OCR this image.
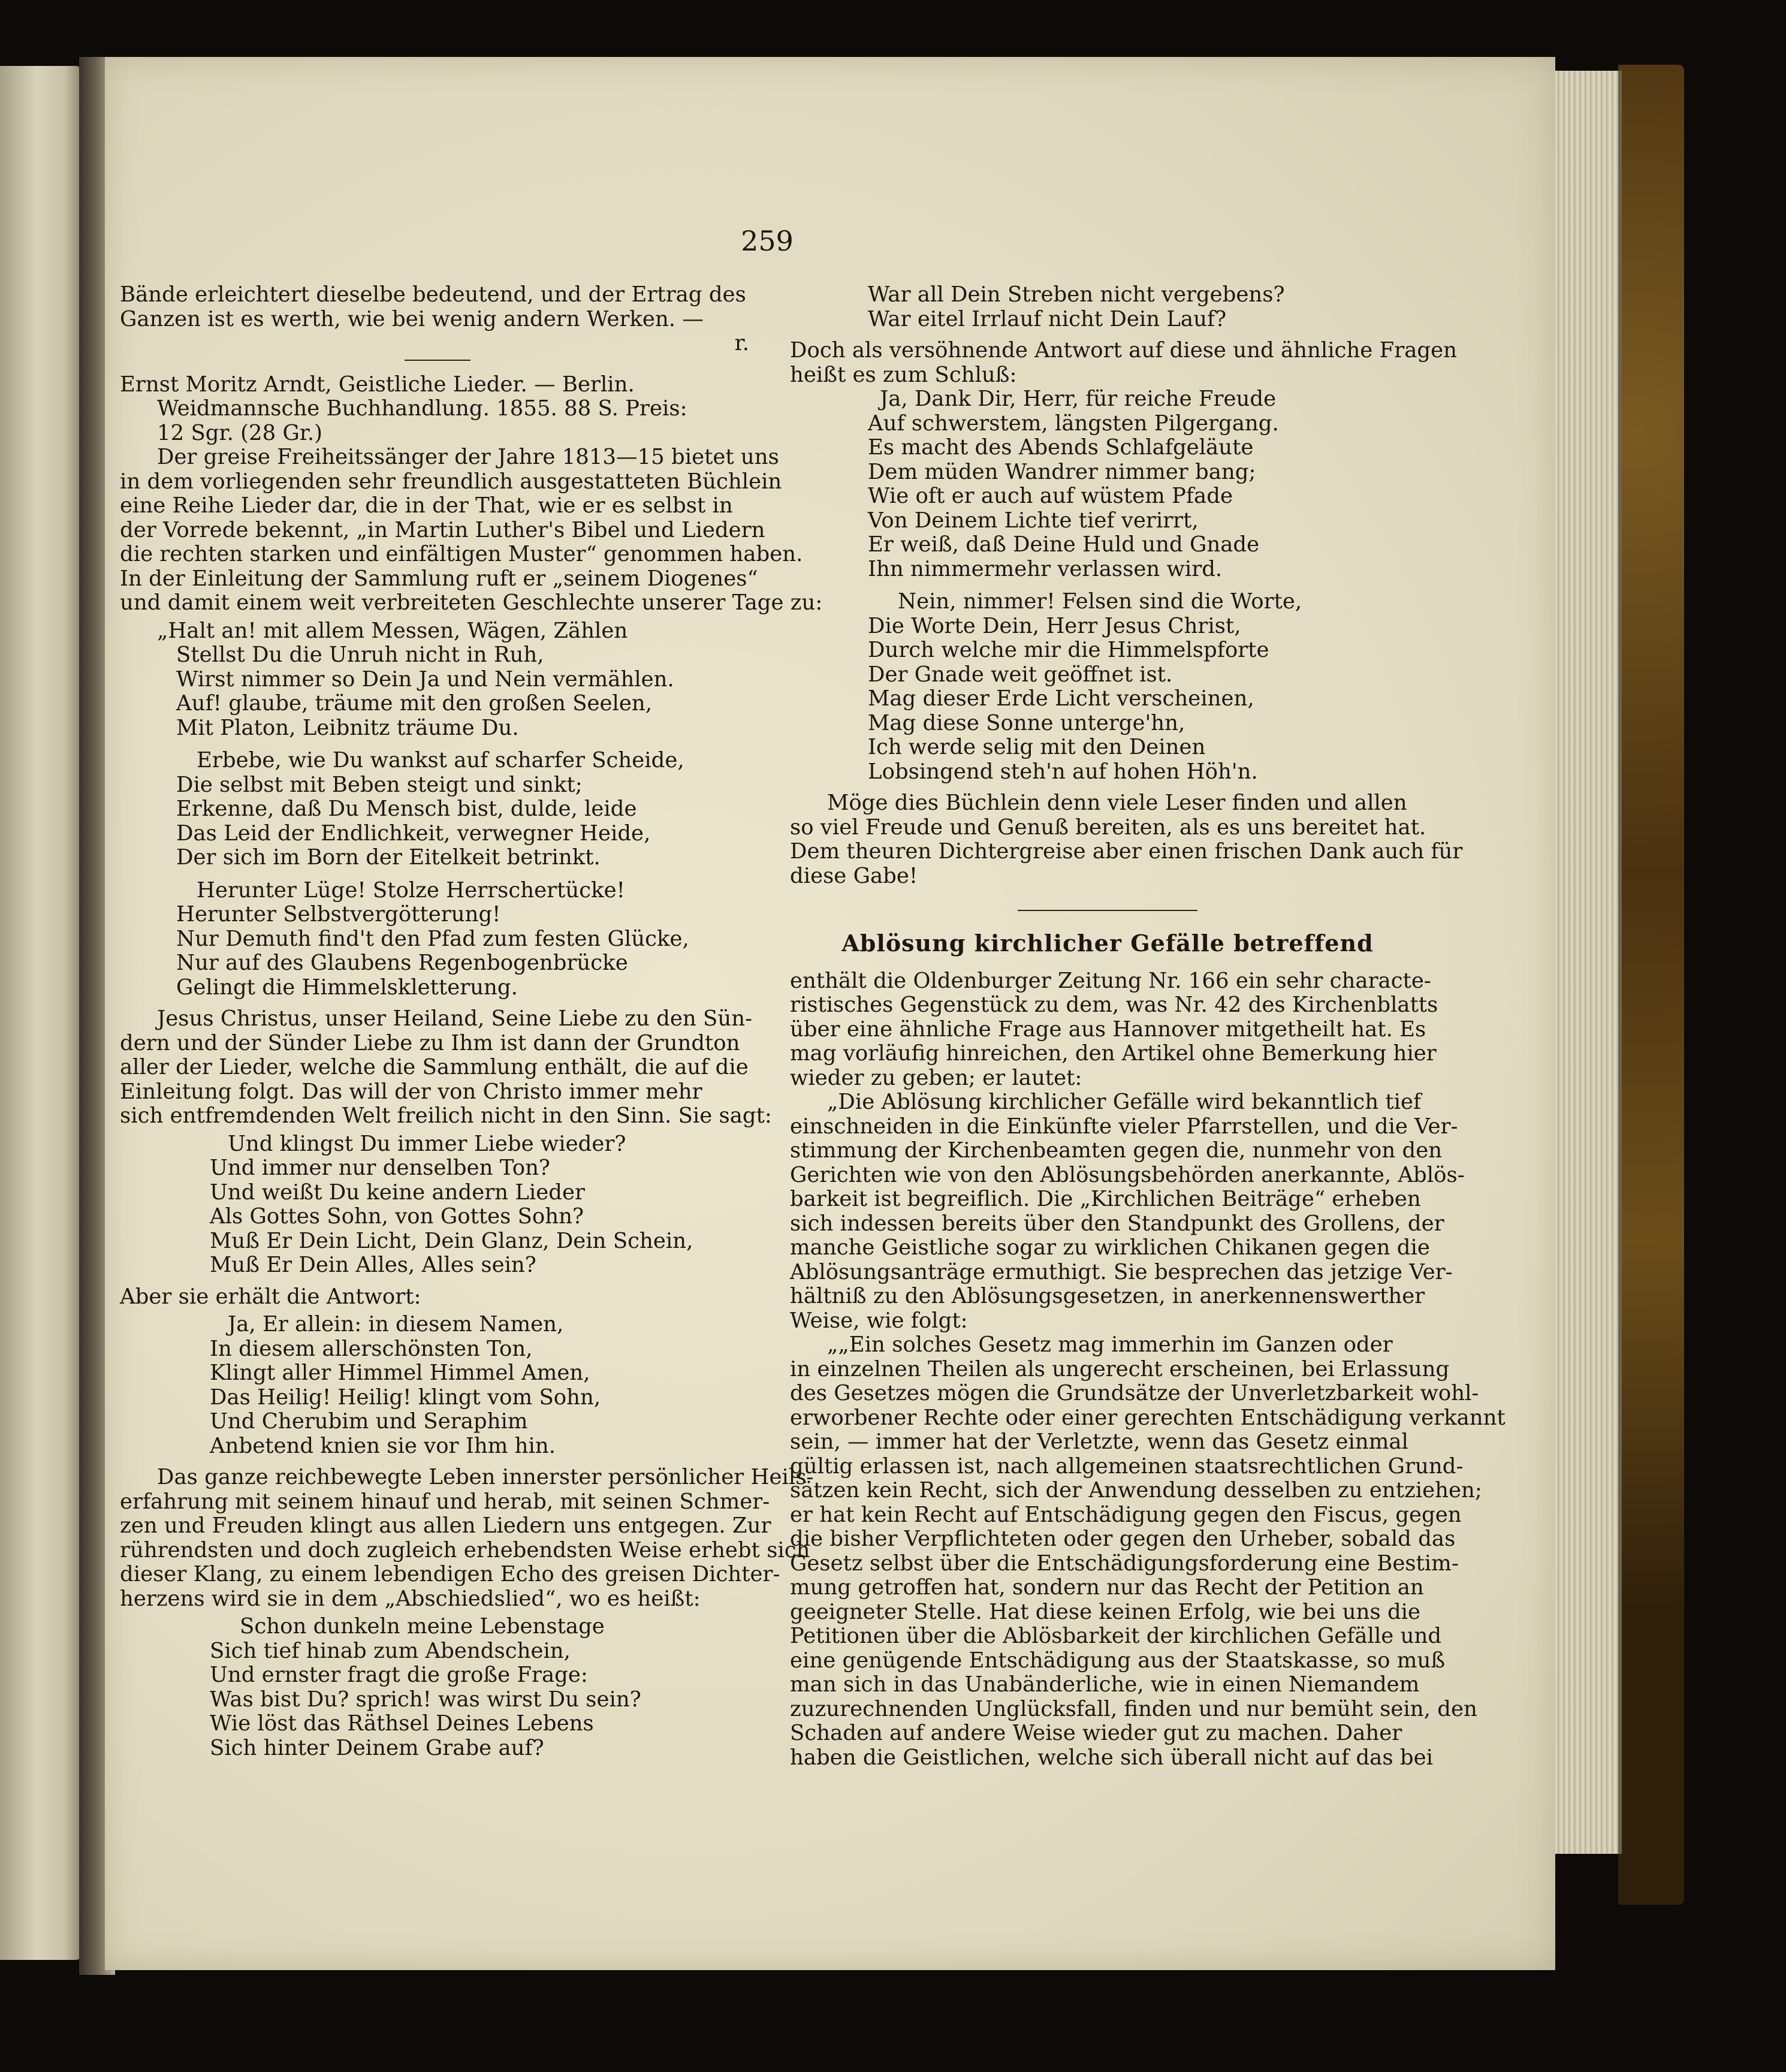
259

Bände erleichtert dieselbe bedeutend, und der Ertrag des
Ganzen ist es werth, wie bei wenig andern Werken. —

r.

Ernst Moritz Arndt, Geistliche Lieder. — Berlin.
Weidmannsche Buchhandlung. 1855. 88 S. Preis:
12 Sgr. (28 Gr.)

Der greise Freiheitssänger der Jahre 1813—15 bietet uns
in dem vorliegenden sehr freundlich ausgestatteten Büchlein
eine Reihe Lieder dar, die in der That, wie er es selbst in
der Vorrede bekennt, „in Martin Luther's Bibel und Liedern
die rechten starken und einfältigen Muster“ genommen haben.
In der Einleitung der Sammlung ruft er „seinem Diogenes“
und damit einem weit verbreiteten Geschlechte unserer Tage zu:

„Halt an! mit allem Messen, Wägen, Zählen
Stellst Du die Unruh nicht in Ruh,
Wirst nimmer so Dein Ja und Nein vermählen.
Auf! glaube, träume mit den großen Seelen,
Mit Platon, Leibnitz träume Du.
Erbebe, wie Du wankst auf scharfer Scheide,
Die selbst mit Beben steigt und sinkt;
Erkenne, daß Du Mensch bist, dulde, leide
Das Leid der Endlichkeit, verwegner Heide,
Der sich im Born der Eitelkeit betrinkt.
Herunter Lüge! Stolze Herrschertücke!
Herunter Selbstvergötterung!
Nur Demuth find't den Pfad zum festen Glücke,
Nur auf des Glaubens Regenbogenbrücke
Gelingt die Himmelskletterung.

Jesus Christus, unser Heiland, Seine Liebe zu den Sün-
dern und der Sünder Liebe zu Ihm ist dann der Grundton
aller der Lieder, welche die Sammlung enthält, die auf die
Einleitung folgt. Das will der von Christo immer mehr
sich entfremdenden Welt freilich nicht in den Sinn. Sie sagt:

Und klingst Du immer Liebe wieder?
Und immer nur denselben Ton?
Und weißt Du keine andern Lieder
Als Gottes Sohn, von Gottes Sohn?
Muß Er Dein Licht, Dein Glanz, Dein Schein,
Muß Er Dein Alles, Alles sein?

Aber sie erhält die Antwort:

Ja, Er allein: in diesem Namen,
In diesem allerschönsten Ton,
Klingt aller Himmel Himmel Amen,
Das Heilig! Heilig! klingt vom Sohn,
Und Cherubim und Seraphim
Anbetend knien sie vor Ihm hin.

Das ganze reichbewegte Leben innerster persönlicher Heils-
erfahrung mit seinem hinauf und herab, mit seinen Schmer-
zen und Freuden klingt aus allen Liedern uns entgegen. Zur
rührendsten und doch zugleich erhebendsten Weise erhebt sich
dieser Klang, zu einem lebendigen Echo des greisen Dichter-
herzens wird sie in dem „Abschiedslied“, wo es heißt:

Schon dunkeln meine Lebenstage
Sich tief hinab zum Abendschein,
Und ernster fragt die große Frage:
Was bist Du? sprich! was wirst Du sein?
Wie löst das Räthsel Deines Lebens
Sich hinter Deinem Grabe auf?
War all Dein Streben nicht vergebens?
War eitel Irrlauf nicht Dein Lauf?

Doch als versöhnende Antwort auf diese und ähnliche Fragen
heißt es zum Schluß:

Ja, Dank Dir, Herr, für reiche Freude
Auf schwerstem, längsten Pilgergang.
Es macht des Abends Schlafgeläute
Dem müden Wandrer nimmer bang;
Wie oft er auch auf wüstem Pfade
Von Deinem Lichte tief verirrt,
Er weiß, daß Deine Huld und Gnade
Ihn nimmermehr verlassen wird.
Nein, nimmer! Felsen sind die Worte,
Die Worte Dein, Herr Jesus Christ,
Durch welche mir die Himmelspforte
Der Gnade weit geöffnet ist.
Mag dieser Erde Licht verscheinen,
Mag diese Sonne unterge'hn,
Ich werde selig mit den Deinen
Lobsingend steh'n auf hohen Höh'n.

Möge dies Büchlein denn viele Leser finden und allen
so viel Freude und Genuß bereiten, als es uns bereitet hat.
Dem theuren Dichtergreise aber einen frischen Dank auch für
diese Gabe!

Ablösung kirchlicher Gefälle betreffend

enthält die Oldenburger Zeitung Nr. 166 ein sehr characte-
ristisches Gegenstück zu dem, was Nr. 42 des Kirchenblatts
über eine ähnliche Frage aus Hannover mitgetheilt hat. Es
mag vorläufig hinreichen, den Artikel ohne Bemerkung hier
wieder zu geben; er lautet:

„Die Ablösung kirchlicher Gefälle wird bekanntlich tief
einschneiden in die Einkünfte vieler Pfarrstellen, und die Ver-
stimmung der Kirchenbeamten gegen die, nunmehr von den
Gerichten wie von den Ablösungsbehörden anerkannte, Ablös-
barkeit ist begreiflich. Die „Kirchlichen Beiträge“ erheben
sich indessen bereits über den Standpunkt des Grollens, der
manche Geistliche sogar zu wirklichen Chikanen gegen die
Ablösungsanträge ermuthigt. Sie besprechen das jetzige Ver-
hältniß zu den Ablösungsgesetzen, in anerkennenswerther
Weise, wie folgt:

„„Ein solches Gesetz mag immerhin im Ganzen oder
in einzelnen Theilen als ungerecht erscheinen, bei Erlassung
des Gesetzes mögen die Grundsätze der Unverletzbarkeit wohl-
erworbener Rechte oder einer gerechten Entschädigung verkannt
sein, — immer hat der Verletzte, wenn das Gesetz einmal
gültig erlassen ist, nach allgemeinen staatsrechtlichen Grund-
sätzen kein Recht, sich der Anwendung desselben zu entziehen;
er hat kein Recht auf Entschädigung gegen den Fiscus, gegen
die bisher Verpflichteten oder gegen den Urheber, sobald das
Gesetz selbst über die Entschädigungsforderung eine Bestim-
mung getroffen hat, sondern nur das Recht der Petition an
geeigneter Stelle. Hat diese keinen Erfolg, wie bei uns die
Petitionen über die Ablösbarkeit der kirchlichen Gefälle und
eine genügende Entschädigung aus der Staatskasse, so muß
man sich in das Unabänderliche, wie in einen Niemandem
zuzurechnenden Unglücksfall, finden und nur bemüht sein, den
Schaden auf andere Weise wieder gut zu machen. Daher
haben die Geistlichen, welche sich überall nicht auf das bei
